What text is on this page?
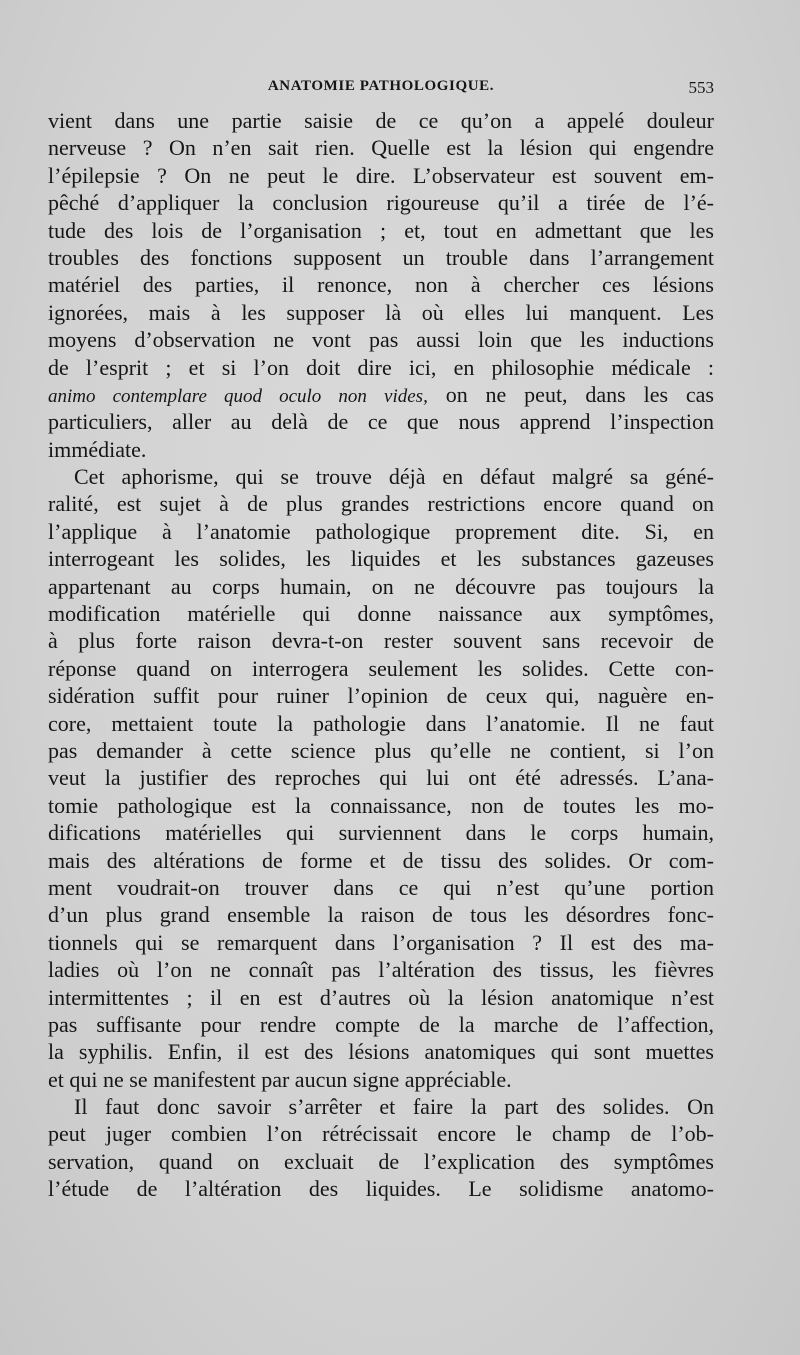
ANATOMIE PATHOLOGIQUE.	553
vient dans une partie saisie de ce qu’on a appelé douleur
nerveuse ? On n’en sait rien. Quelle est la lésion qui engendre
l’épilepsie ? On ne peut le dire. L’observateur est souvent em-
pêché d’appliquer la conclusion rigoureuse qu’il a tirée de l’é-
tude des lois de l’organisation ; et, tout en admettant que les
troubles des fonctions supposent un trouble dans l’arrangement
matériel des parties, il renonce, non à chercher ces lésions
ignorées, mais à les supposer là où elles lui manquent. Les
moyens d’observation ne vont pas aussi loin que les inductions
de l’esprit ; et si l’on doit dire ici, en philosophie médicale :
animo contemplare quod oculo non vides, on ne peut, dans les cas
particuliers, aller au delà de ce que nous apprend l’inspection
immédiate.
Cet aphorisme, qui se trouve déjà en défaut malgré sa géné-
ralité, est sujet à de plus grandes restrictions encore quand on
l’applique à l’anatomie pathologique proprement dite. Si, en
interrogeant les solides, les liquides et les substances gazeuses
appartenant au corps humain, on ne découvre pas toujours la
modification matérielle qui donne naissance aux symptômes,
à plus forte raison devra-t-on rester souvent sans recevoir de
réponse quand on interrogera seulement les solides. Cette con-
sidération suffit pour ruiner l’opinion de ceux qui, naguère en-
core, mettaient toute la pathologie dans l’anatomie. Il ne faut
pas demander à cette science plus qu’elle ne contient, si l’on
veut la justifier des reproches qui lui ont été adressés. L’ana-
tomie pathologique est la connaissance, non de toutes les mo-
difications matérielles qui surviennent dans le corps humain,
mais des altérations de forme et de tissu des solides. Or com-
ment voudrait-on trouver dans ce qui n’est qu’une portion
d’un plus grand ensemble la raison de tous les désordres fonc-
tionnels qui se remarquent dans l’organisation ? Il est des ma-
ladies où l’on ne connaît pas l’altération des tissus, les fièvres
intermittentes ; il en est d’autres où la lésion anatomique n’est
pas suffisante pour rendre compte de la marche de l’affection,
la syphilis. Enfin, il est des lésions anatomiques qui sont muettes
et qui ne se manifestent par aucun signe appréciable.
Il faut donc savoir s’arrêter et faire la part des solides. On
peut juger combien l’on rétrécissait encore le champ de l’ob-
servation, quand on excluait de l’explication des symptômes
l’étude de l’altération des liquides. Le solidisme anatomo-
